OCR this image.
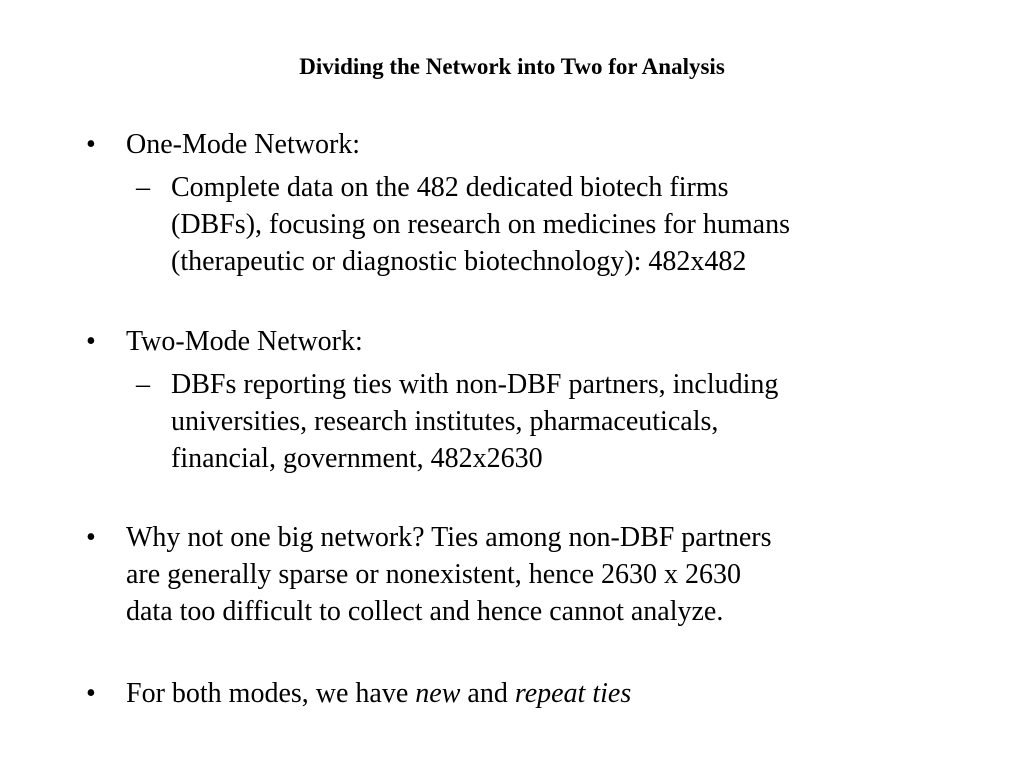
Dividing the Network into Two for Analysis
•	One-Mode Network:
– Complete data on the 482 dedicated biotech firms
(DBFs), focusing on research on medicines for humans
(therapeutic or diagnostic biotechnology): 482x482
•	Two-Mode Network:
– DBFs reporting ties with non-DBF partners, including
universities, research institutes, pharmaceuticals,
financial, government, 482x2630
•	Why not one big network? Ties among non-DBF partners
are generally sparse or nonexistent, hence 2630 x 2630
data too difficult to collect and hence cannot analyze.
•	For both modes, we have new and repeat ties
